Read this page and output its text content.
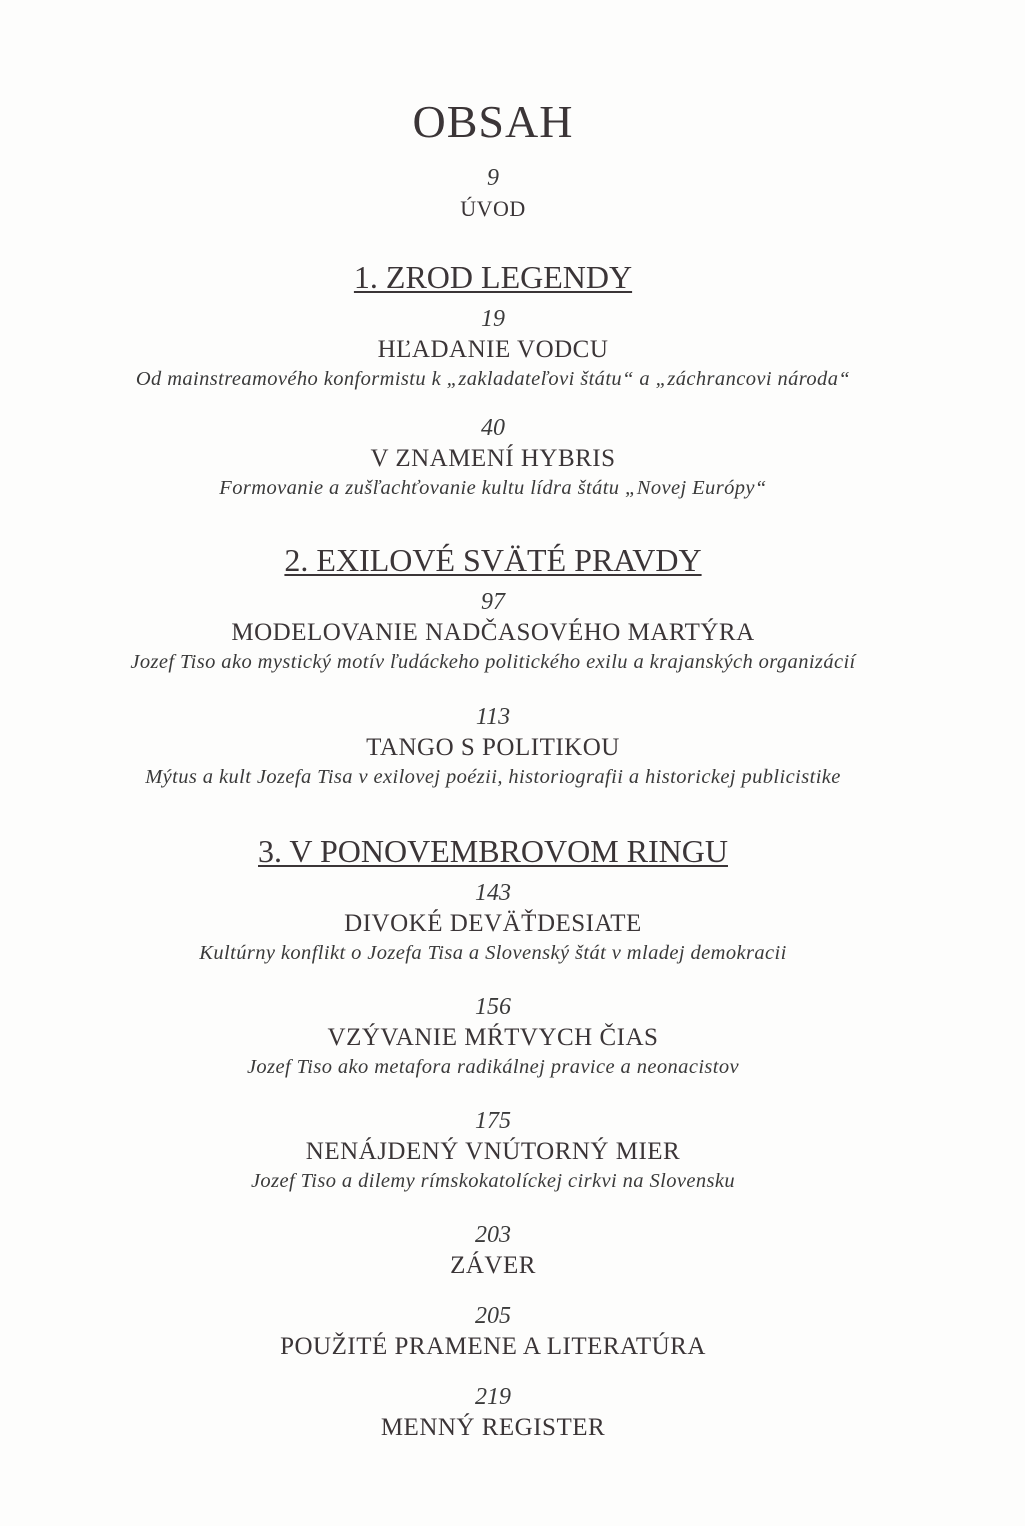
OBSAH
9
ÚVOD
1. ZROD LEGENDY
19
HĽADANIE VODCU
Od mainstreamového konformistu k „zakladateľovi štátu“ a „záchrancovi národa“
40
V ZNAMENÍ HYBRIS
Formovanie a zušľachťovanie kultu lídra štátu „Novej Európy“
2. EXILOVÉ SVÄTÉ PRAVDY
97
MODELOVANIE NADČASOVÉHO MARTÝRA
Jozef Tiso ako mystický motív ľudáckeho politického exilu a krajanských organizácií
113
TANGO S POLITIKOU
Mýtus a kult Jozefa Tisa v exilovej poézii, historiografii a historickej publicistike
3. V PONOVEMBROVOM RINGU
143
DIVOKÉ DEVÄŤDESIATE
Kultúrny konflikt o Jozefa Tisa a Slovenský štát v mladej demokracii
156
VZÝVANIE MŔTVYCH ČIAS
Jozef Tiso ako metafora radikálnej pravice a neonacistov
175
NENÁJDENÝ VNÚTORNÝ MIER
Jozef Tiso a dilemy rímskokatolíckej cirkvi na Slovensku
203
ZÁVER
205
POUŽITÉ PRAMENE A LITERATÚRA
219
MENNÝ REGISTER
